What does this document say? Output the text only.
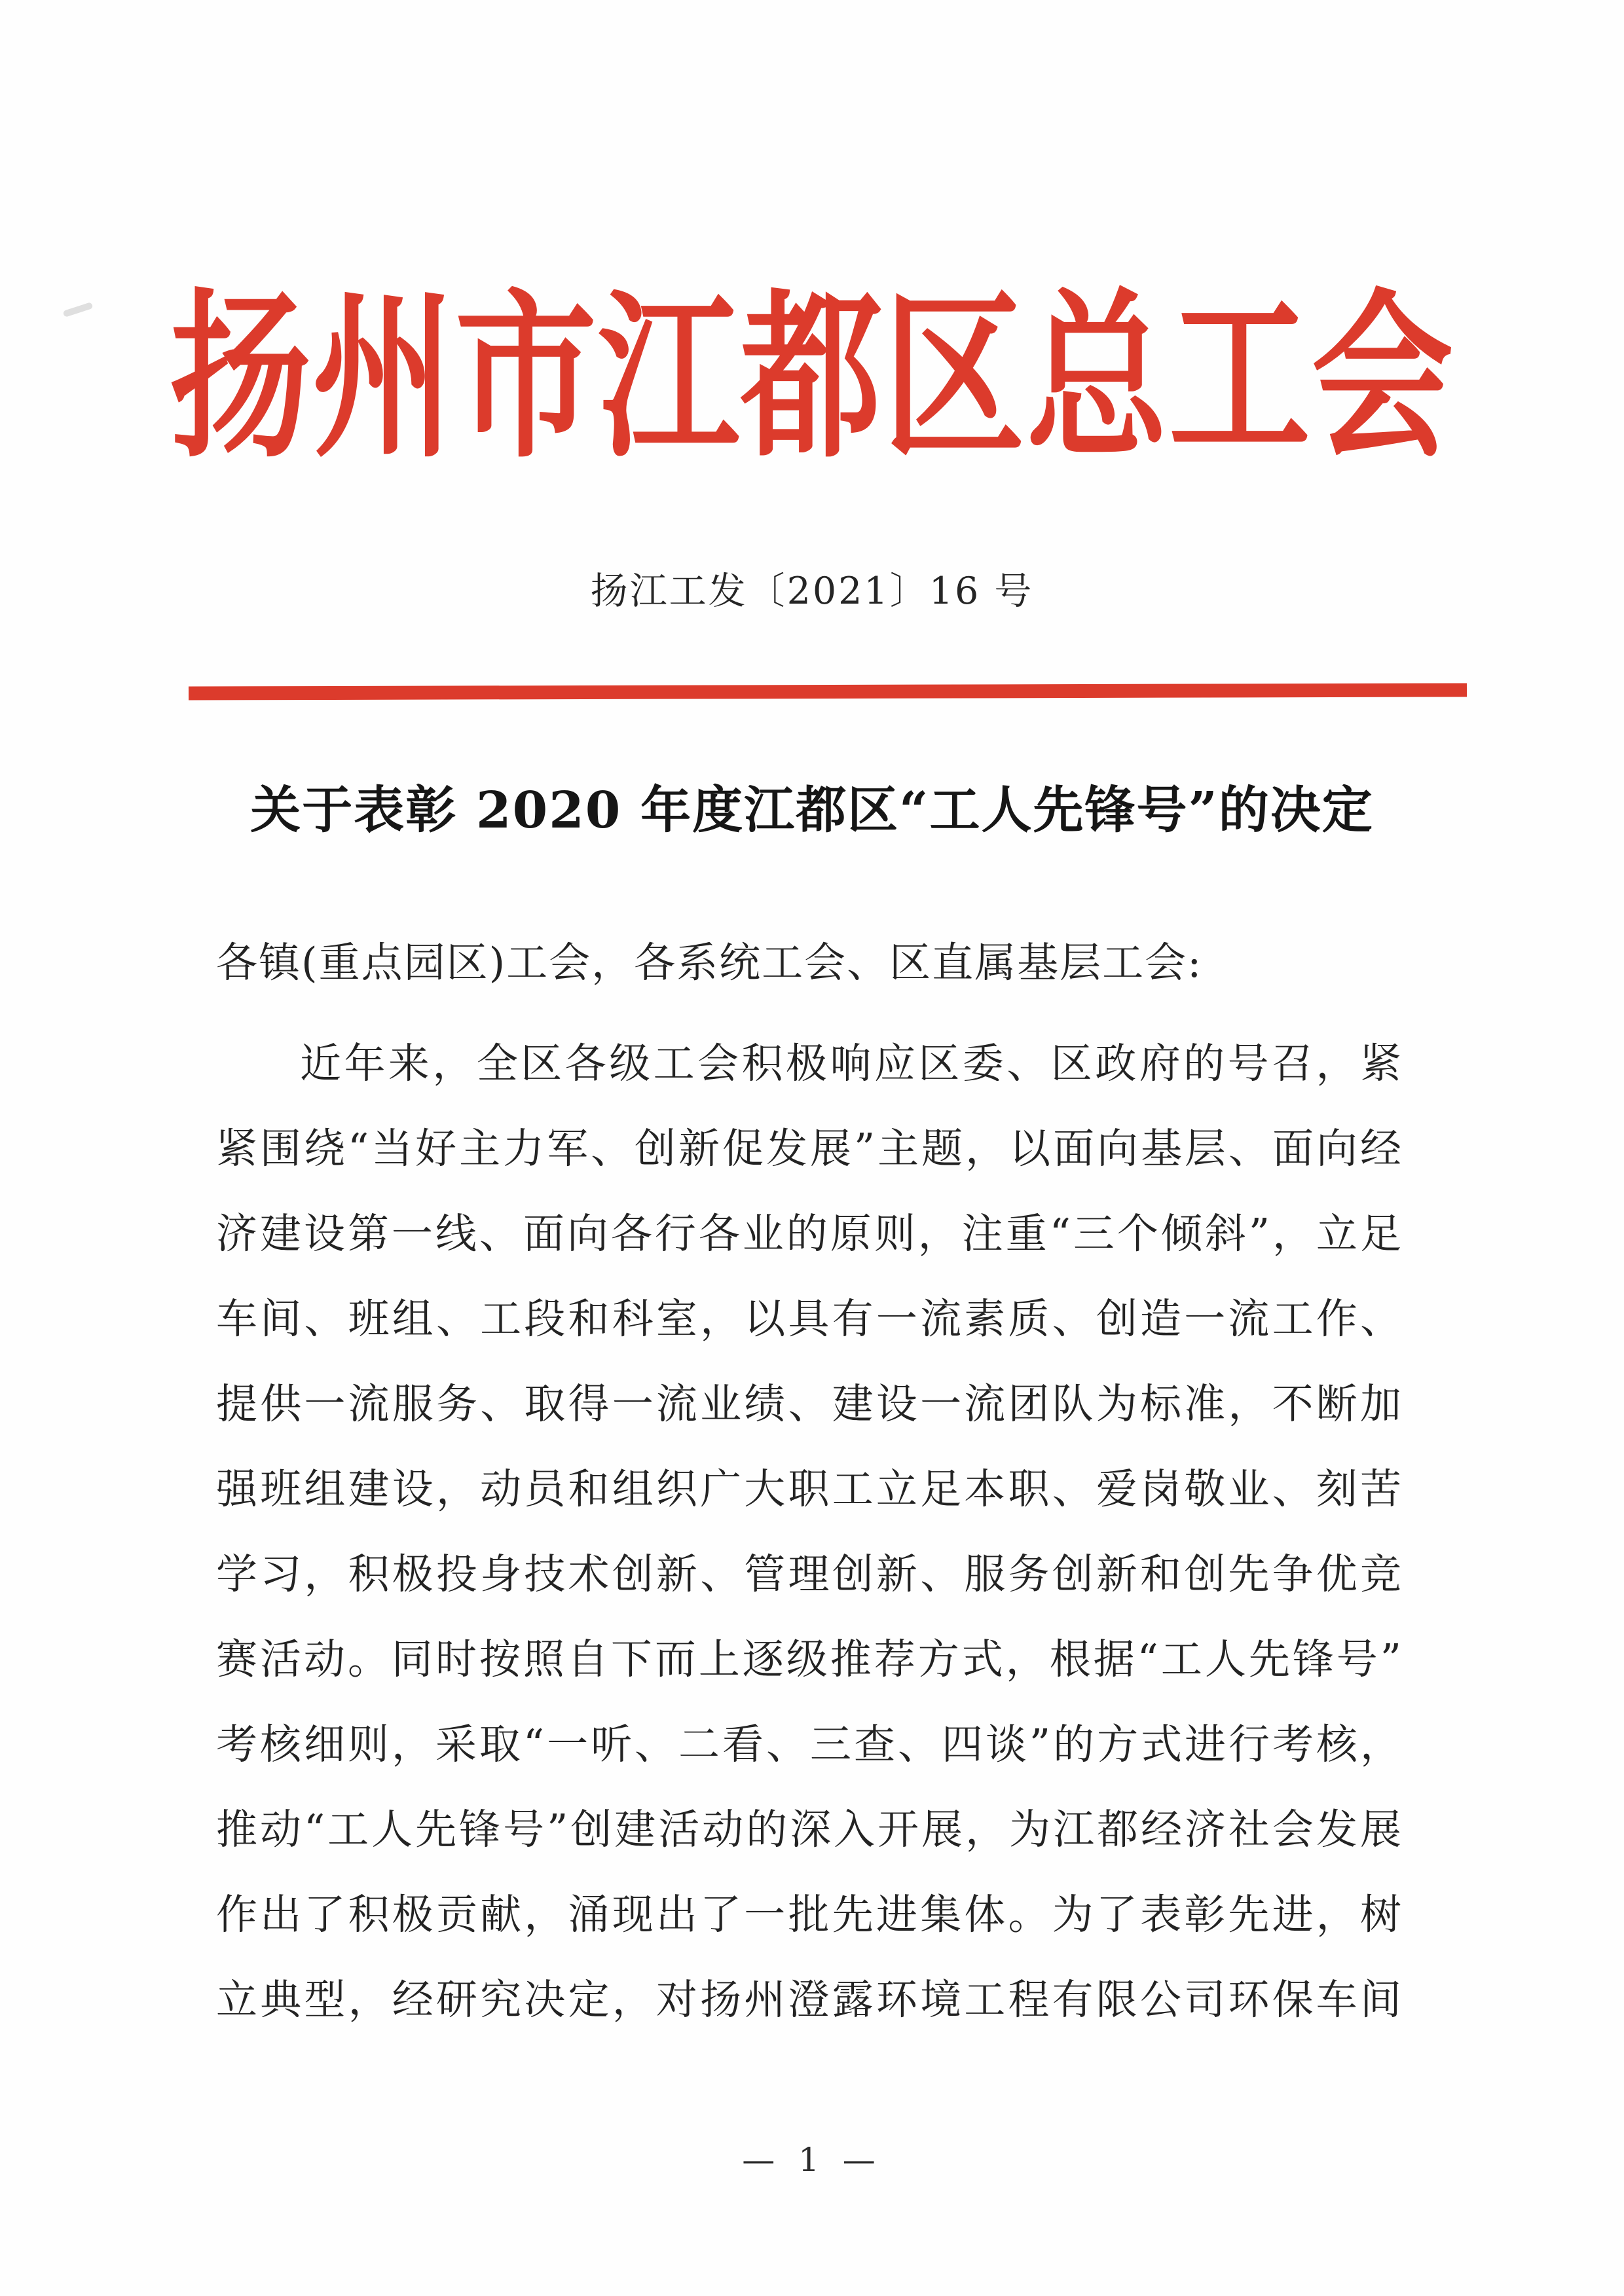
扬州市江都区总工会
扬江工发〔2021〕16 号
关于表彰 2020 年度江都区“工人先锋号”的决定
各镇(重点园区)工会，各系统工会、区直属基层工会:
近年来，全区各级工会积极响应区委、区政府的号召，紧
紧围绕“当好主力军、创新促发展”主题，以面向基层、面向经
济建设第一线、面向各行各业的原则，注重“三个倾斜”，立足
车间、班组、工段和科室，以具有一流素质、创造一流工作、
提供一流服务、取得一流业绩、建设一流团队为标准，不断加
强班组建设，动员和组织广大职工立足本职、爱岗敬业、刻苦
学习，积极投身技术创新、管理创新、服务创新和创先争优竞
赛活动。同时按照自下而上逐级推荐方式，根据“工人先锋号”
考核细则，采取“一听、二看、三查、四谈”的方式进行考核，
推动“工人先锋号”创建活动的深入开展，为江都经济社会发展
作出了积极贡献，涌现出了一批先进集体。为了表彰先进，树
立典型，经研究决定，对扬州澄露环境工程有限公司环保车间
— 1 —
